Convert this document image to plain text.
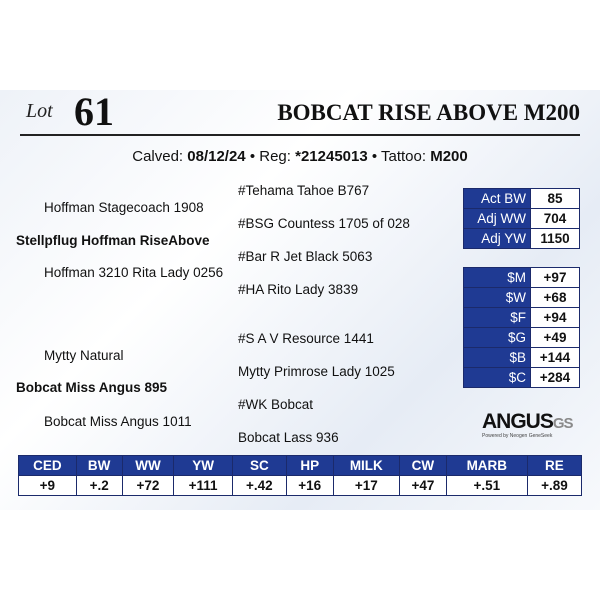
Lot 61	BOBCAT RISE ABOVE M200
Calved: 08/12/24 • Reg: *21245013 • Tattoo: M200
#Tehama Tahoe B767
Hoffman Stagecoach 1908
#BSG Countess 1705 of 028
Stellpflug Hoffman RiseAbove
#Bar R Jet Black 5063
Hoffman 3210 Rita Lady 0256
#HA Rito Lady 3839
#S A V Resource 1441
Mytty Natural
Mytty Primrose Lady 1025
Bobcat Miss Angus 895
#WK Bobcat
Bobcat Miss Angus 1011
Bobcat Lass 936
Act BW	85
Adj WW	704
Adj YW	1150
$M	+97
$W	+68
$F	+94
$G	+49
$B	+144
$C	+284
ANGUSGS
Powered by Neogen GeneSeek
CED	BW	WW	YW	SC	HP	MILK	CW	MARB	RE
+9	+.2	+72	+111	+.42	+16	+17	+47	+.51	+.89
